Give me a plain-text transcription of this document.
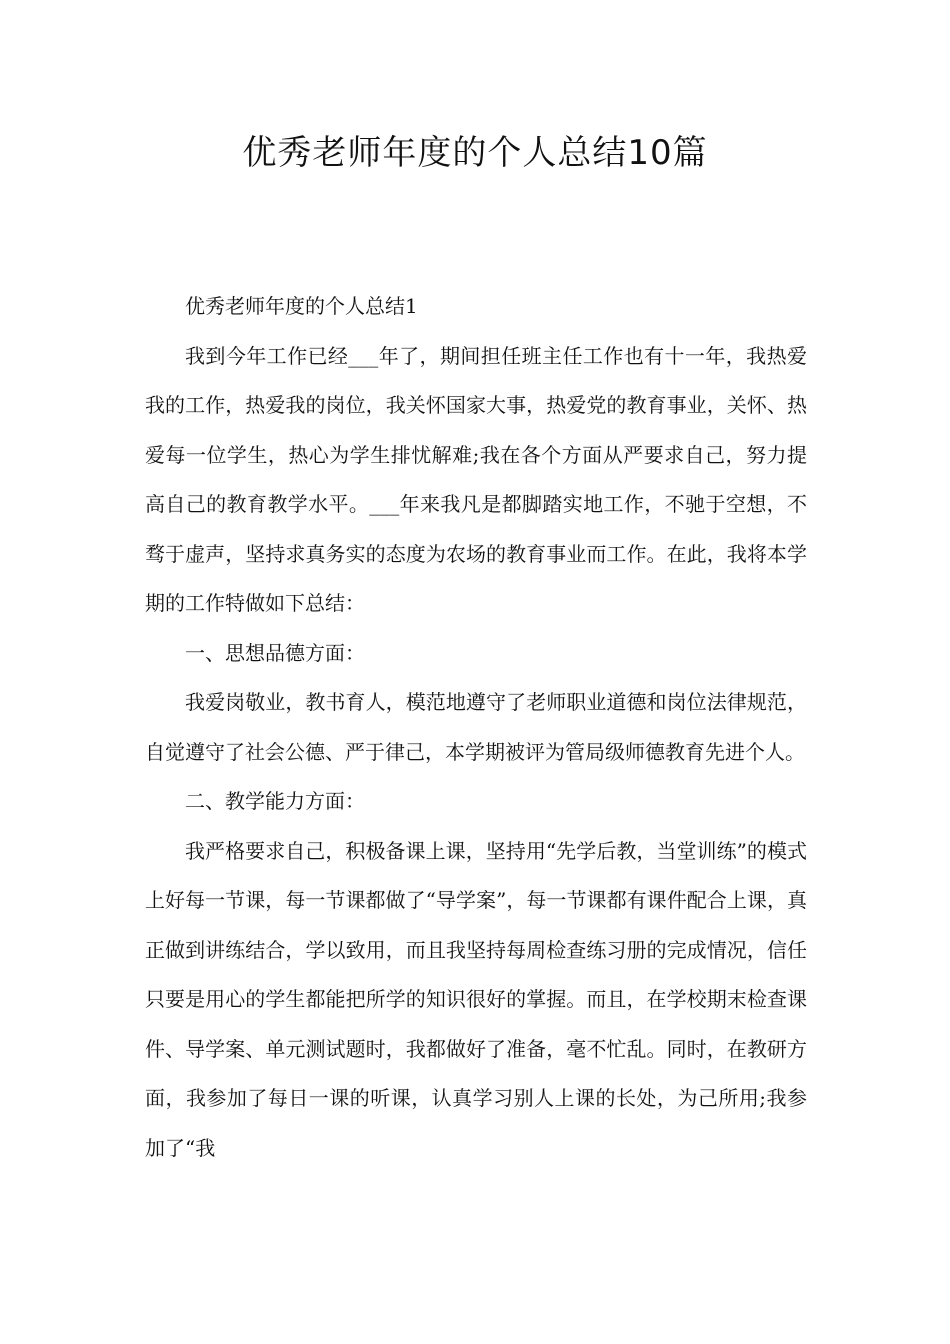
优秀老师年度的个人总结10篇

优秀老师年度的个人总结1

我到今年工作已经___年了，期间担任班主任工作也有十一年，我热爱我的工作，热爱我的岗位，我关怀国家大事，热爱党的教育事业，关怀、热爱每一位学生，热心为学生排忧解难;我在各个方面从严要求自己，努力提高自己的教育教学水平。___年来我凡是都脚踏实地工作，不驰于空想，不骛于虚声，坚持求真务实的态度为农场的教育事业而工作。在此，我将本学期的工作特做如下总结：

一、思想品德方面：

我爱岗敬业，教书育人，模范地遵守了老师职业道德和岗位法律规范，自觉遵守了社会公德、严于律己，本学期被评为管局级师德教育先进个人。

二、教学能力方面：

我严格要求自己，积极备课上课，坚持用“先学后教，当堂训练”的模式上好每一节课，每一节课都做了“导学案”，每一节课都有课件配合上课，真正做到讲练结合，学以致用，而且我坚持每周检查练习册的完成情况，信任只要是用心的学生都能把所学的知识很好的掌握。而且，在学校期末检查课件、导学案、单元测试题时，我都做好了准备，毫不忙乱。同时，在教研方面，我参加了每日一课的听课，认真学习别人上课的长处，为己所用;我参加了“我
